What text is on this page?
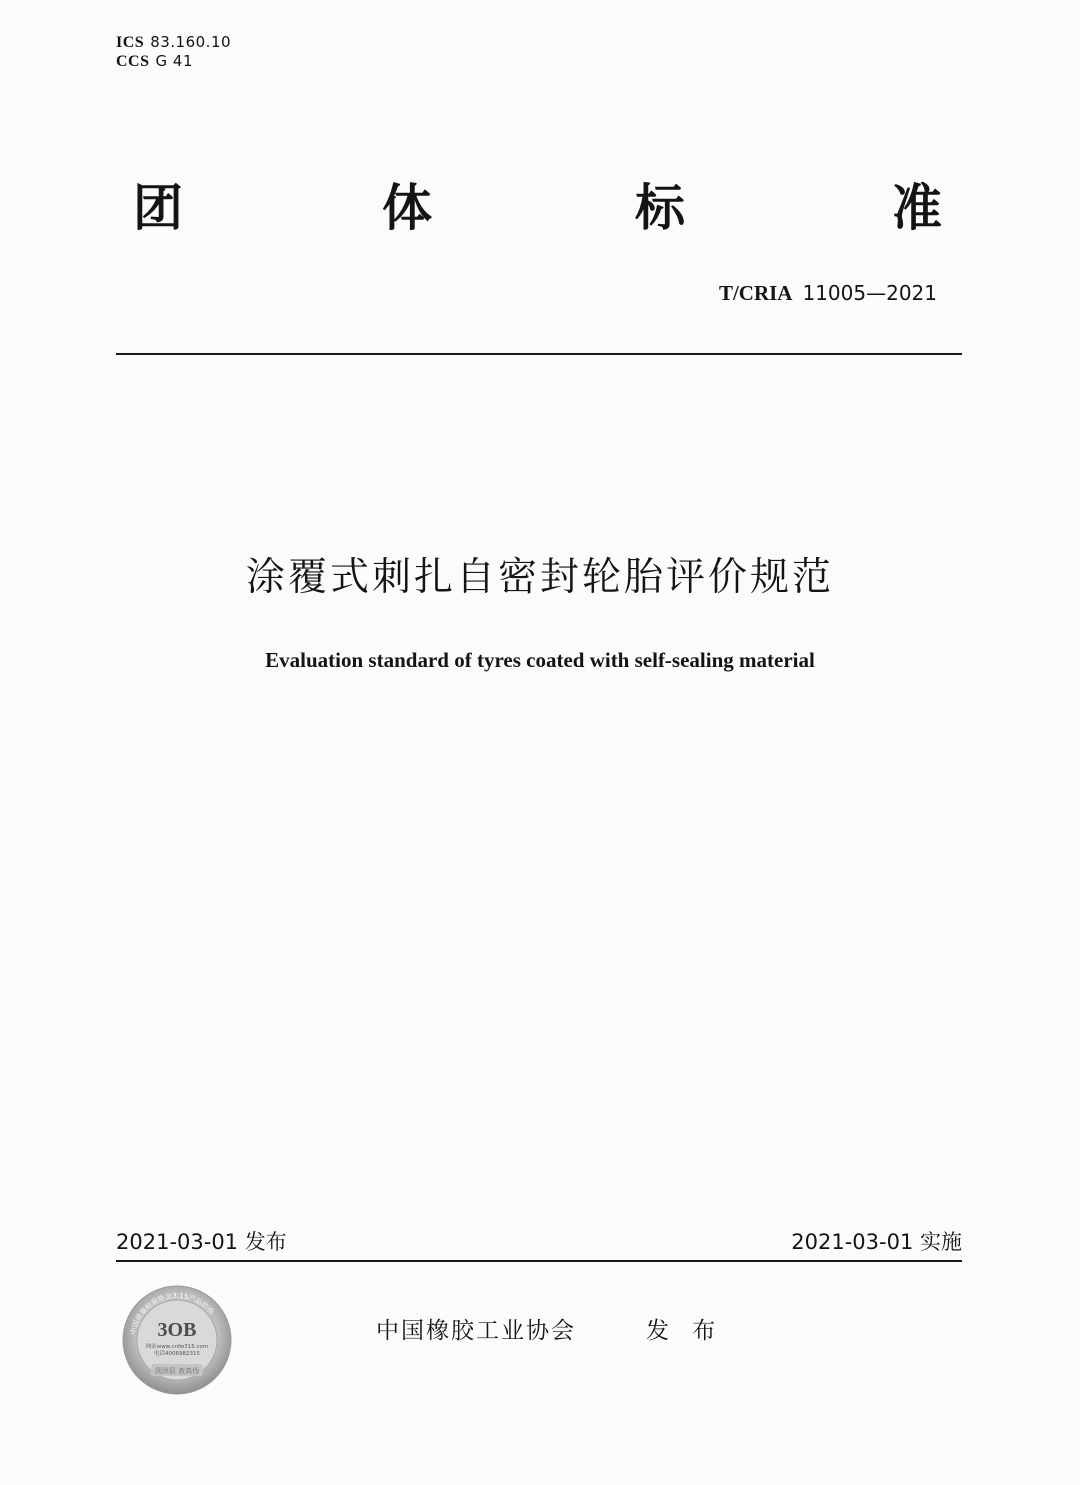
ICS 83.160.10
CCS G 41
团	体	标	准
T/CRIA 11005—2021
涂覆式刺扎自密封轮胎评价规范
Evaluation standard of tyres coated with self-sealing material
2021-03-01 发布	2021-03-01 实施
中国质量检验协会3.15产品防伪
3OB
网站www.cnfw315.com
电话4006982315
刮涂层 查真伪
中国橡胶工业协会	发 布
